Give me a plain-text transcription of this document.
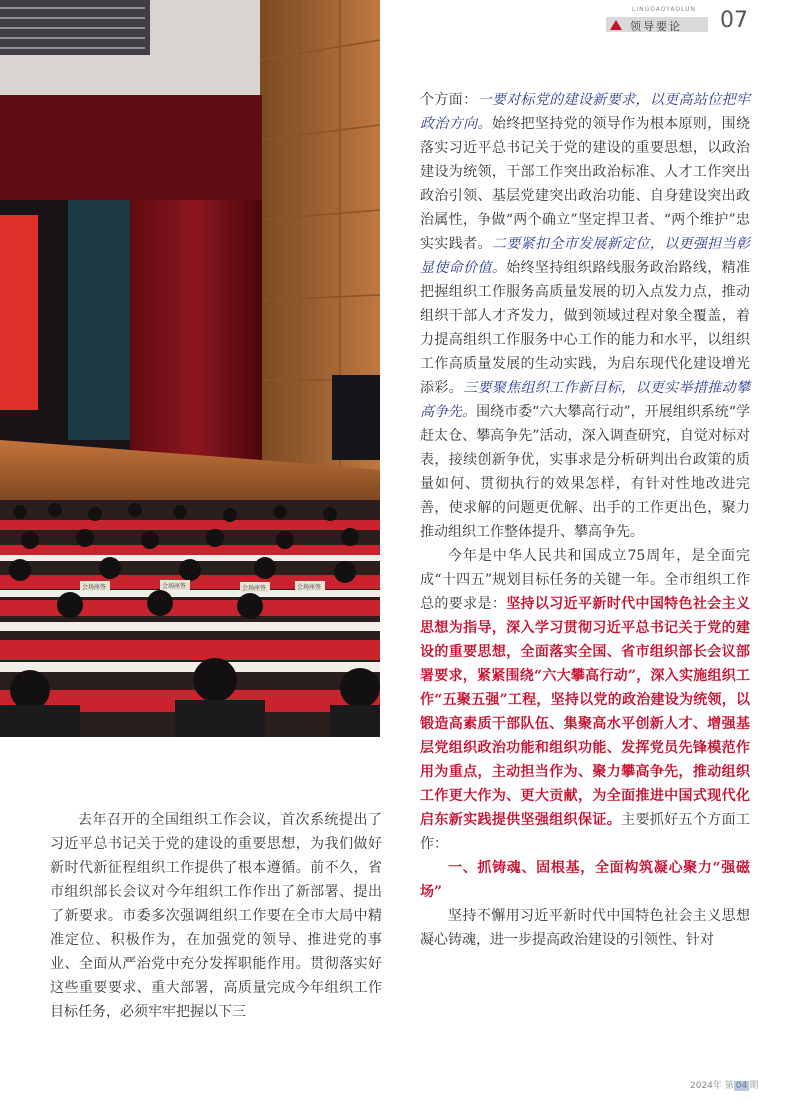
LINGDAOYAOLUN
领导要论 07
会场座签	会场座签	会场座签	会场座签

个方面：一要对标党的建设新要求，以更高站位把牢政治方向。始终把坚持党的领导作为根本原则，围绕落实习近平总书记关于党的建设的重要思想，以政治建设为统领，干部工作突出政治标准、人才工作突出政治引领、基层党建突出政治功能、自身建设突出政治属性，争做“两个确立”坚定捍卫者、“两个维护”忠实实践者。二要紧扣全市发展新定位，以更强担当彰显使命价值。始终坚持组织路线服务政治路线，精准把握组织工作服务高质量发展的切入点发力点，推动组织干部人才齐发力，做到领域过程对象全覆盖，着力提高组织工作服务中心工作的能力和水平，以组织工作高质量发展的生动实践，为启东现代化建设增光添彩。三要聚焦组织工作新目标，以更实举措推动攀高争先。围绕市委“六大攀高行动”，开展组织系统“学赶太仓、攀高争先”活动，深入调查研究，自觉对标对表，接续创新争优，实事求是分析研判出台政策的质量如何、贯彻执行的效果怎样，有针对性地改进完善，使求解的问题更优解、出手的工作更出色，聚力推动组织工作整体提升、攀高争先。

今年是中华人民共和国成立75周年，是全面完成“十四五”规划目标任务的关键一年。全市组织工作总的要求是：坚持以习近平新时代中国特色社会主义思想为指导，深入学习贯彻习近平总书记关于党的建设的重要思想，全面落实全国、省市组织部长会议部署要求，紧紧围绕“六大攀高行动”，深入实施组织工作“五聚五强”工程，坚持以党的政治建设为统领，以锻造高素质干部队伍、集聚高水平创新人才、增强基层党组织政治功能和组织功能、发挥党员先锋模范作用为重点，主动担当作为、聚力攀高争先，推动组织工作更大作为、更大贡献，为全面推进中国式现代化启东新实践提供坚强组织保证。主要抓好五个方面工作：

一、抓铸魂、固根基，全面构筑凝心聚力“强磁场”

坚持不懈用习近平新时代中国特色社会主义思想凝心铸魂，进一步提高政治建设的引领性、针对

去年召开的全国组织工作会议，首次系统提出了习近平总书记关于党的建设的重要思想，为我们做好新时代新征程组织工作提供了根本遵循。前不久，省市组织部长会议对今年组织工作作出了新部署、提出了新要求。市委多次强调组织工作要在全市大局中精准定位、积极作为，在加强党的领导、推进党的事业、全面从严治党中充分发挥职能作用。贯彻落实好这些重要要求、重大部署，高质量完成今年组织工作目标任务，必须牢牢把握以下三

2024年 第 04 期
